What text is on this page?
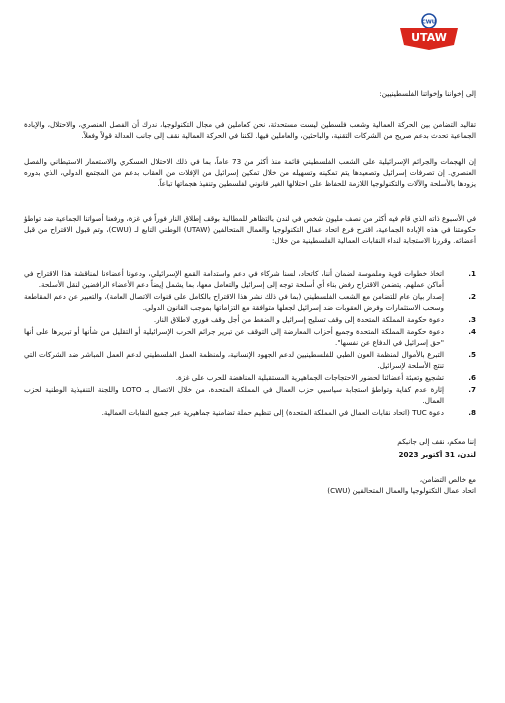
CWU
UTAW

إلى إخواننا وإخواتنا الفلسطينيين:

تقاليد التضامن بين الحركة العمالية وشعب فلسطين ليست مستحدثة، نحن كعاملين في مجال التكنولوجيا، ندرك أن الفصل العنصري، والاحتلال، والإبادة الجماعية تحدث بدعم صريح من الشركات التقنية، والباحثين، والعاملين فيها. لكننا في الحركة العمالية نقف إلى جانب العدالة قولاً وفعلاً.

إن الهجمات والجرائم الإسرائيلية على الشعب الفلسطيني قائمة منذ أكثر من 73 عاماً، بما في ذلك الاحتلال العسكري والاستعمار الاستيطاني والفصل العنصري. إن تصرفات إسرائيل وتصعيدها يتم تمكينه وتسهيله من خلال تمكين إسرائيل من الإفلات من العقاب بدعم من المجتمع الدولي، الذي بدوره يزودها بالأسلحة والآلات والتكنولوجيا اللازمة للحفاظ على احتلالها الغير قانوني لفلسطين وتنفيذ هجماتها تباعاً.

في الأسبوع ذاته الذي قام فيه أكثر من نصف مليون شخص في لندن بالتظاهر للمطالبة بوقف إطلاق النار فوراً في غزة، ورفعنا أصواتنا الجماعية ضد تواطؤ حكومتنا في هذه الإبادة الجماعية، اقترح فرع اتحاد عمال التكنولوجيا والعمال المتحالفين (UTAW) الوطني التابع لـ (CWU)، وتم قبول الاقتراح من قبل أعضائه. وقررنا الاستجابة لنداء النقابات العمالية الفلسطينية من خلال:

1.
اتخاذ خطوات قوية وملموسة لضمان أننا، كاتحاد، لسنا شركاء في دعم واستدامة القمع الإسرائيلي، ودعونا أعضاءنا لمناقشة هذا الاقتراح في أماكن عملهم. يتضمن الاقتراح رفض بناء أي أسلحة توجه إلى إسرائيل والتعامل معها، بما يشمل إيضاً دعم الأعضاء الرافضين لنقل الأسلحة.
2.
إصدار بيان عام للتضامن مع الشعب الفلسطيني (بما في ذلك نشر هذا الاقتراح بالكامل على قنوات الاتصال العامة)، والتعبير عن دعم المقاطعة وسحب الاستثمارات وفرض العقوبات ضد إسرائيل لجعلها متوافقة مع التزاماتها بموجب القانون الدولي.
3.
دعوة حكومة المملكة المتحدة إلى وقف تسليح إسرائيل و الضغط من أجل وقف فوري لاطلاق النار.
4.
دعوة حكومة المملكة المتحدة وجميع أحزاب المعارضة إلى التوقف عن تبرير جرائم الحرب الإسرائيلية أو التقليل من شأنها أو تبريرها على أنها "حق إسرائيل في الدفاع عن نفسها".
5.
التبرع بالأموال لمنظمة العون الطبي للفلسطينيين لدعم الجهود الإنسانية، ولمنظمة العمل الفلسطيني لدعم العمل المباشر ضد الشركات التي تنتج الأسلحة لإسرائيل.
6.
تشجيع وتعبئة أعضائنا لحضور الاحتجاجات الجماهيرية المستقبلية المناهضة للحرب على غزة.
7.
إثارة عدم كفاية وتواطؤ استجابة سياسيي حزب العمال في المملكة المتحدة، من خلال الاتصال بـ LOTO واللجنة التنفيذية الوطنية لحزب العمال.
8.
دعوة TUC (اتحاد نقابات العمال في المملكة المتحدة) إلى تنظيم حملة تضامنية جماهيرية عبر جميع النقابات العمالية.

إننا معكم، نقف إلى جانبكم

لندن، 31 أكتوبر 2023

مع خالص التضامن،

اتحاد عمال التكنولوجيا والعمال المتحالفين (CWU)
